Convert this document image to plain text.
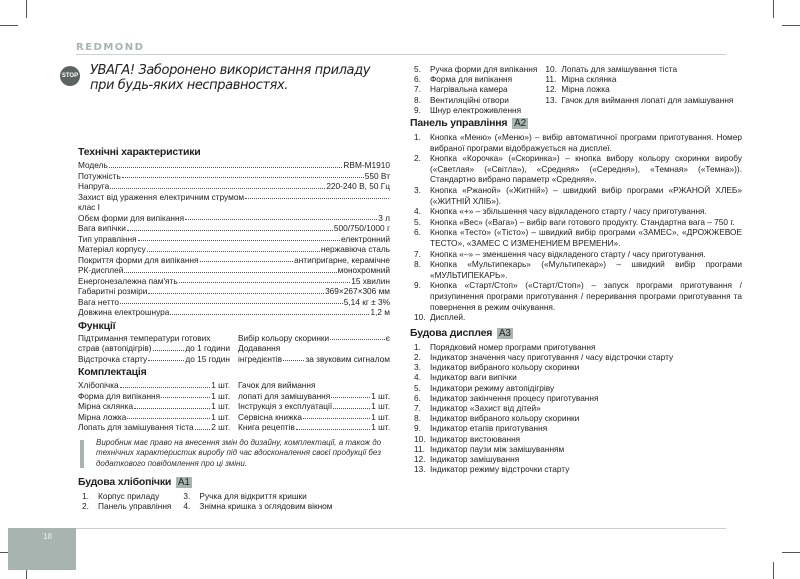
REDMOND
18
STOP УВАГА! Заборонено використання приладу при будь-яких несправностях.
Технічні характеристики
Модель	RBM-M1910
Потужність	550 Вт
Напруга	220-240 В, 50 Гц
Захист від ураження електричним струмом
клас I
Обєм форми для випікання	3 л
Вага випічки	500/750/1000 г
Тип управління	електронний
Матеріал корпусу	нержавіюча сталь
Покриття форми для випікання	антипригарне, керамічне
РК-дисплей	монохромний
Енергонезалежна пам'ять	15 хвилин
Габаритні розміри	369×267×306 мм
Вага нетто	5,14 кг ± 3%
Довжина електрошнура	1,2 м
Функції
Підтримання температури готових
страв (автопідігрів)	до 1 години
Відстрочка старту	до 15 годин
Вибір кольору скоринки	є
Додавання
інгредієнтів	за звуковим сигналом
Комплектація
Хлібопічка	1 шт.
Форма для випікання	1 шт.
Мірна склянка	1 шт.
Мірна ложка	1 шт.
Лопать для замішування тіста 2 шт.
Гачок для виймання
лопаті для замішування	1 шт.
Інструкція з експлуатації	1 шт.
Сервісна книжка	1 шт.
Книга рецептів	1 шт.
Виробник має право на внесення змін до дизайну, комплектації, а також до технічних характеристик виробу під час вдосконалення своєї продукції без додаткового повідомлення про ці зміни.
Будова хлібопічки A1
1.	Корпус приладу
2.	Панель управління
3.	Ручка для відкриття кришки
4.	Знімна кришка з оглядовим вікном
5.	Ручка форми для випікання
6.	Форма для випікання
7.	Нагрівальна камера
8.	Вентиляційні отвори
9.	Шнур електроживлення
10. Лопать для замішування тіста
11. Мірна склянка
12. Мірна ложка
13. Гачок для виймання лопаті для замішування
Панель управління A2
1.	Кнопка «Меню» («Меню») – вибір автоматичної програми приготування. Номер вибраної програми відображується на дисплеї.
2.	Кнопка «Корочка» («Скоринка») – кнопка вибору кольору скоринки виробу («Светлая» («Світла»), «Средняя» («Середня»), «Темная» («Темна»)). Стандартно вибрано параметр «Средняя».
3.	Кнопка «Ржаной» («Житній») – швидкий вибір програми «РЖАНОЙ ХЛЕБ» («ЖИТНІЙ ХЛІБ»).
4.	Кнопка «+» – збільшення часу відкладеного старту / часу приготування.
5.	Кнопка «Вес» («Вага») – вибір ваги готового продукту. Стандартна вага – 750 г.
6.	Кнопка «Тесто» («Тісто») – швидкий вибір програми «ЗАМЕС», «ДРОЖЖЕВОЕ ТЕСТО», «ЗАМЕС С ИЗМЕНЕНИЕМ ВРЕМЕНИ».
7.	Кнопка «–» – зменшення часу відкладеного старту / часу приготування.
8.	Кнопка «Мультипекарь» («Мультипекар») – швидкий вибір програми «МУЛЬТИПЕКАРЬ».
9.	Кнопка «Старт/Стоп» («Старт/Стоп») – запуск програми приготування / призупинення програми приготування / переривання програми приготування та повернення в режим очікування.
10. Дисплей.
Будова дисплея A3
1.	Порядковий номер програми приготування
2.	Індикатор значення часу приготування / часу відстрочки старту
3.	Індикатор вибраного кольору скоринки
4.	Індикатор ваги випічки
5.	Індикатори режиму автопідігріву
6.	Індикатор закінчення процесу приготування
7.	Індикатор «Захист від дітей»
8.	Індикатор вибраного кольору скоринки
9.	Індикатор етапів приготування
10. Індикатор вистоювання
11. Індикатор паузи між замішуванням
12. Індикатор замішування
13. Індикатор режиму відстрочки старту
